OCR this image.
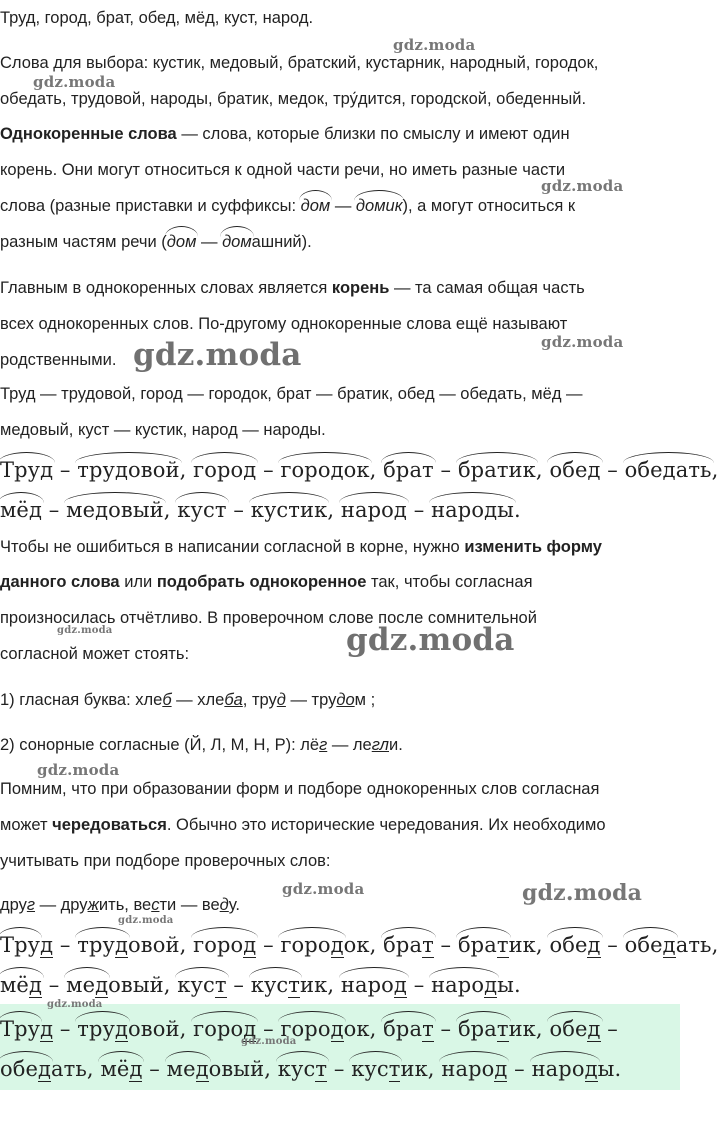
Труд, город, брат, обед, мёд, куст, народ.

Слова для выбора: кустик, медовый, братский, кустарник, народный, городок,

обедать, трудовой, народы, братик, медок, тру́дится, городской, обеденный.

Однокоренные слова — слова, которые близки по смыслу и имеют один

корень. Они могут относиться к одной части речи, но иметь разные части

слова (разные приставки и суффиксы: дом — домик), а могут относиться к

разным частям речи (дом — домашний).

Главным в однокоренных словах является корень — та самая общая часть

всех однокоренных слов. По-другому однокоренные слова ещё называют

родственными.

Труд — трудовой, город — городок, брат — братик, обед — обедать, мёд —

медовый, куст — кустик, народ — народы.

Труд – трудовой, город – городок, брат – братик, обед – обедать,
мёд – медовый, куст – кустик, народ – народы.

Чтобы не ошибиться в написании согласной в корне, нужно изменить форму

данного слова или подобрать однокоренное так, чтобы согласная

произносилась отчётливо. В проверочном слове после сомнительной

согласной может стоять:

1) гласная буква: хлеб — хлеба, труд — трудом ;

2) сонорные согласные (Й, Л, М, Н, Р): лёг — легли.

Помним, что при образовании форм и подборе однокоренных слов согласная

может чередоваться. Обычно это исторические чередования. Их необходимо

учитывать при подборе проверочных слов:

друг — дружить, вести — веду.

Труд – трудовой, город – городок, брат – братик, обед – обедать,
мёд – медовый, куст – кустик, народ – народы.
Труд – трудовой, город – городок, брат – братик, обед –
обедать, мёд – медовый, куст – кустик, народ – народы.
gdz.moda
gdz.moda
gdz.moda
gdz.moda
gdz.moda
gdz.moda	gdz.moda
gdz.moda
gdz.moda	gdz.moda
gdz.moda
gdz.moda
gdz.moda
